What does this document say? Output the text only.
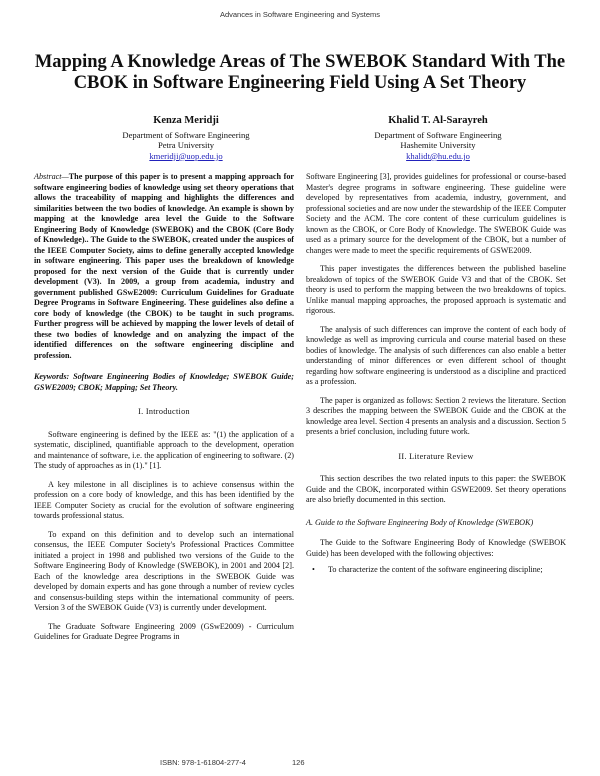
Advances in Software Engineering and Systems
Mapping A Knowledge Areas of The SWEBOK Standard With The CBOK in Software Engineering Field Using A Set Theory
Kenza Meridji
Department of Software Engineering
Petra University
kmeridji@uop.edu.jo
Khalid T. Al-Sarayreh
Department of Software Engineering
Hashemite University
khalidt@hu.edu.jo

Abstract—The purpose of this paper is to present a mapping approach for software engineering bodies of knowledge using set theory operations that allows the traceability of mapping and highlights the differences and similarities between the two bodies of knowledge. An example is shown by mapping at the knowledge area level the Guide to the Software Engineering Body of Knowledge (SWEBOK) and the CBOK (Core Body of Knowledge).. The Guide to the SWEBOK, created under the auspices of the IEEE Computer Society, aims to define generally accepted knowledge in software engineering. This paper uses the breakdown of knowledge proposed for the next version of the Guide that is currently under development (V3). In 2009, a group from academia, industry and government published GSwE2009: Curriculum Guidelines for Graduate Degree Programs in Software Engineering. These guidelines also define a core body of knowledge (the CBOK) to be taught in such programs. Further progress will be achieved by mapping the lower levels of detail of these two bodies of knowledge and on analyzing the impact of the identified differences on the software engineering discipline and profession.

Keywords: Software Engineering Bodies of Knowledge; SWEBOK Guide; GSWE2009; CBOK; Mapping; Set Theory.

I. Introduction

Software engineering is defined by the IEEE as: "(1) the application of a systematic, disciplined, quantifiable approach to the development, operation and maintenance of software, i.e. the application of engineering to software. (2) The study of approaches as in (1)." [1].

A key milestone in all disciplines is to achieve consensus within the profession on a core body of knowledge, and this has been identified by the IEEE Computer Society as crucial for the evolution of software engineering towards professional status.

To expand on this definition and to develop such an international consensus, the IEEE Computer Society's Professional Practices Committee initiated a project in 1998 and published two versions of the Guide to the Software Engineering Body of Knowledge (SWEBOK), in 2001 and 2004 [2]. Each of the knowledge area descriptions in the SWEBOK Guide was developed by domain experts and has gone through a number of review cycles and consensus-building steps within the international community of peers. Version 3 of the SWEBOK Guide (V3) is currently under development.

The Graduate Software Engineering 2009 (GSwE2009) - Curriculum Guidelines for Graduate Degree Programs in

Software Engineering [3], provides guidelines for professional or course-based Master's degree programs in software engineering. These guideline were developed by representatives from academia, industry, government, and professional societies and are now under the stewardship of the IEEE Computer Society and the ACM. The core content of these curriculum guidelines is known as the CBOK, or Core Body of Knowledge. The SWEBOK Guide was used as a primary source for the development of the CBOK, but a number of changes were made to meet the specific requirements of GSWE2009.

This paper investigates the differences between the published baseline breakdown of topics of the SWEBOK Guide V3 and that of the CBOK. Set theory is used to perform the mapping between the two breakdowns of topics. Unlike manual mapping approaches, the proposed approach is systematic and rigorous.

The analysis of such differences can improve the content of each body of knowledge as well as improving curricula and course material based on these bodies of knowledge. The analysis of such differences can also enable a better understanding of minor differences or even different school of thought regarding how software engineering is understood as a discipline and practiced as a profession.

The paper is organized as follows: Section 2 reviews the literature. Section 3 describes the mapping between the SWEBOK Guide and the CBOK at the knowledge area level. Section 4 presents an analysis and a discussion. Section 5 presents a brief conclusion, including future work.

II. Literature Review

This section describes the two related inputs to this paper: the SWEBOK Guide and the CBOK, incorporated within GSWE2009. Set theory operations are also briefly documented in this section.

A. Guide to the Software Engineering Body of Knowledge (SWEBOK)

The Guide to the Software Engineering Body of Knowledge (SWEBOK Guide) has been developed with the following objectives:

• To characterize the content of the software engineering discipline;
ISBN: 978-1-61804-277-4	126
